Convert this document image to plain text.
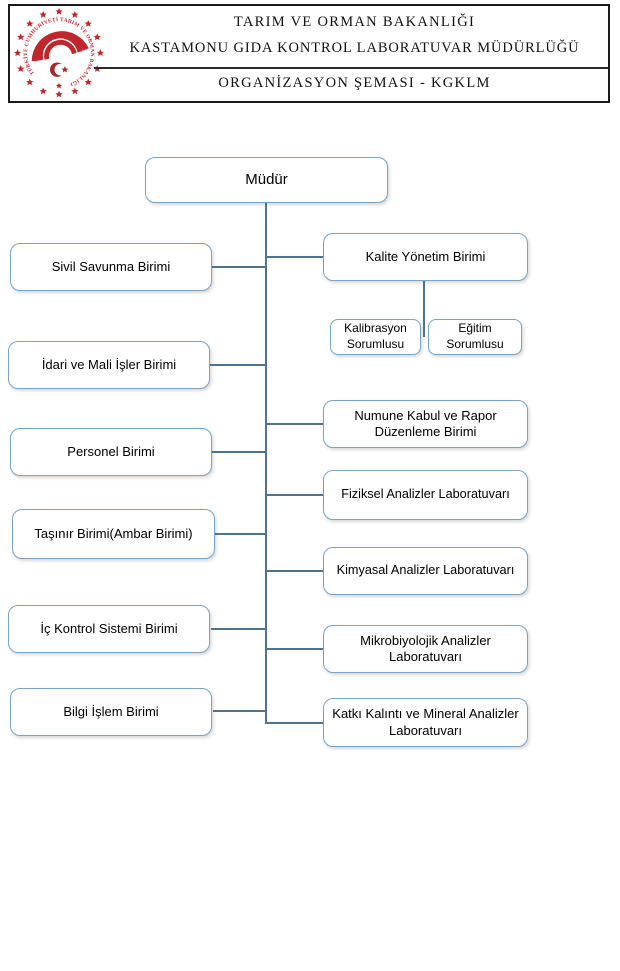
TÜRKİYE CUMHURİYETİ TARIM VE ORMAN BAKANLIĞI
TARIM VE ORMAN BAKANLIĞI
KASTAMONU GIDA KONTROL LABORATUVAR MÜDÜRLÜĞÜ
ORGANİZASYON ŞEMASI - KGKLM
Müdür
Sivil Savunma Birimi
İdari ve Mali İşler Birimi
Personel Birimi
Taşınır Birimi(Ambar Birimi)
İç Kontrol Sistemi Birimi
Bilgi İşlem Birimi
Kalite Yönetim Birimi
Kalibrasyon Sorumlusu
Eğitim Sorumlusu
Numune Kabul ve Rapor Düzenleme Birimi
Fiziksel Analizler Laboratuvarı
Kimyasal Analizler Laboratuvarı
Mikrobiyolojik Analizler Laboratuvarı
Katkı Kalıntı ve Mineral Analizler Laboratuvarı
